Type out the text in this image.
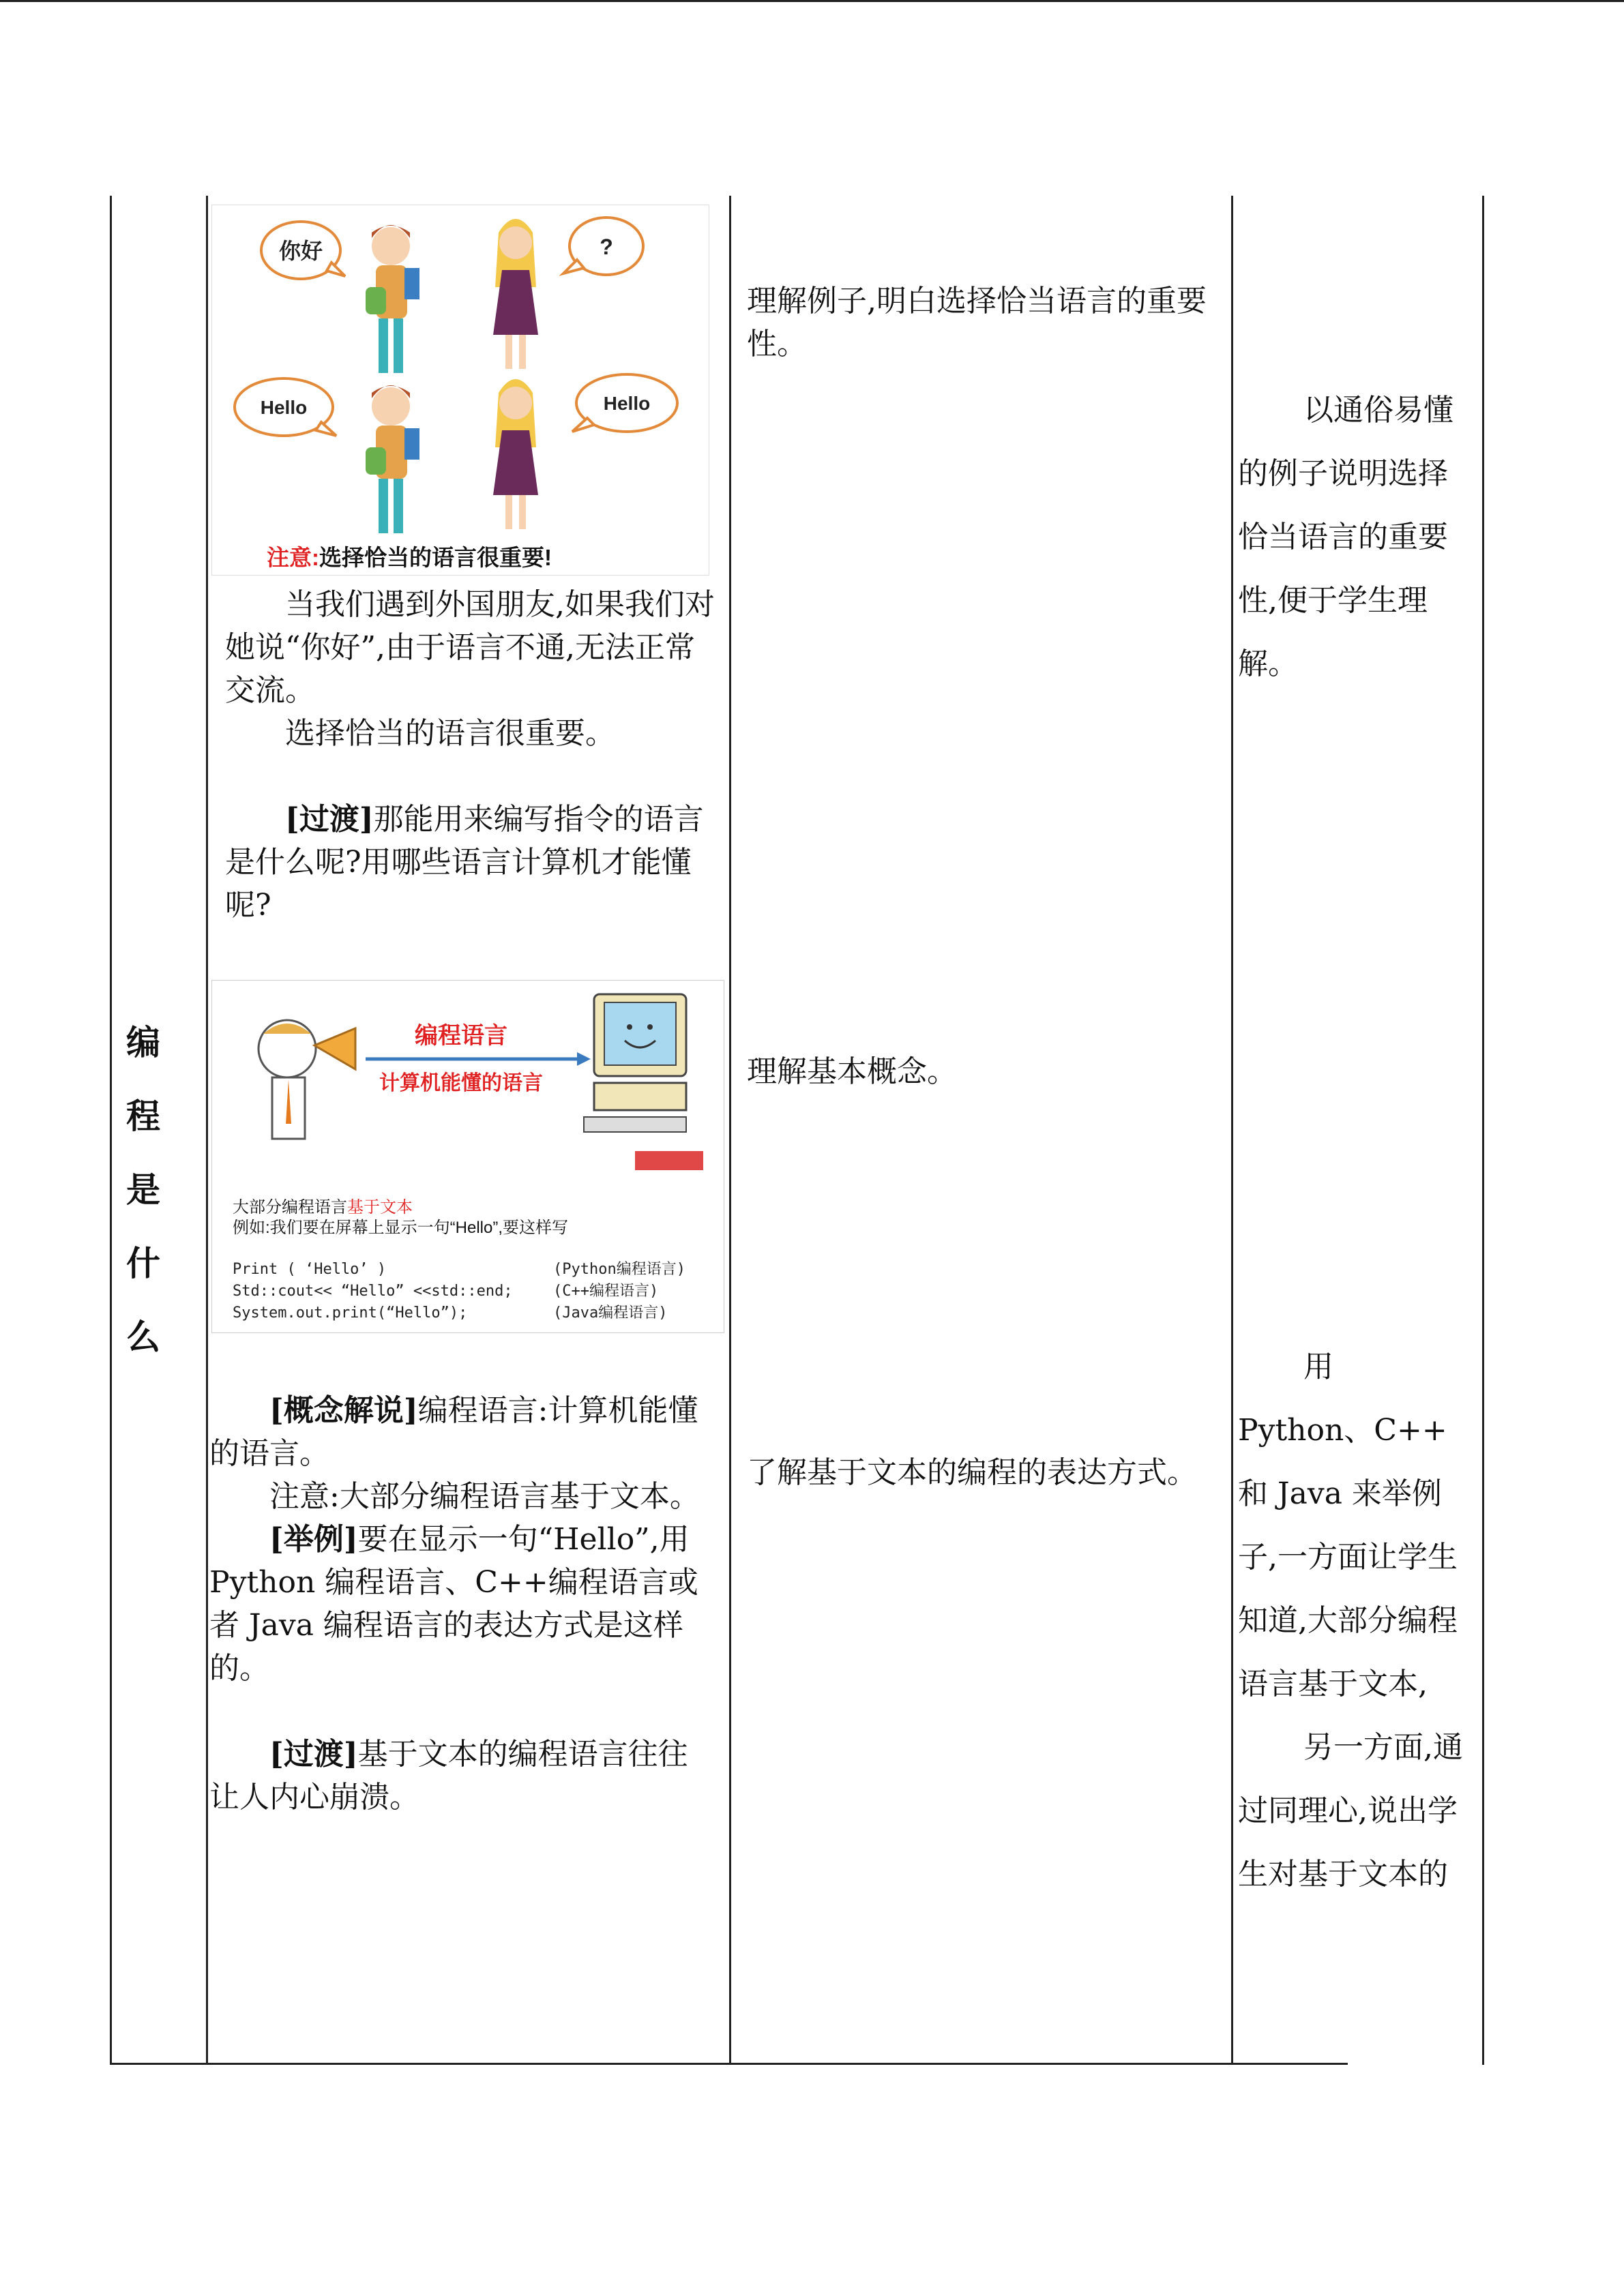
编
程
是
什
么
你好	?
Hello	Hello
注意:选择恰当的语言很重要!
当我们遇到外国朋友,如果我们对她说“你好”,由于语言不通,无法正常交流。
选择恰当的语言很重要。
[过渡]那能用来编写指令的语言是什么呢?用哪些语言计算机才能懂呢?
编程语言
计算机能懂的语言
大部分编程语言基于文本
例如:我们要在屏幕上显示一句“Hello”,要这样写
Print ( ‘Hello’ )	(Python编程语言)
Std::cout<< “Hello” <<std::end;	(C++编程语言)
System.out.print(“Hello”);	(Java编程语言)
[概念解说]编程语言:计算机能懂的语言。
注意:大部分编程语言基于文本。
[举例]要在显示一句“Hello”,用 Python 编程语言、C++编程语言或者 Java 编程语言的表达方式是这样的。
[过渡]基于文本的编程语言往往让人内心崩溃。
理解例子,明白选择恰当语言的重要性。
理解基本概念。
了解基于文本的编程的表达方式。
以通俗易懂的例子说明选择恰当语言的重要性,便于学生理解。
用 Python、C++ 和 Java 来举例子,一方面让学生知道,大部分编程语言基于文本,
另一方面,通过同理心,说出学生对基于文本的
